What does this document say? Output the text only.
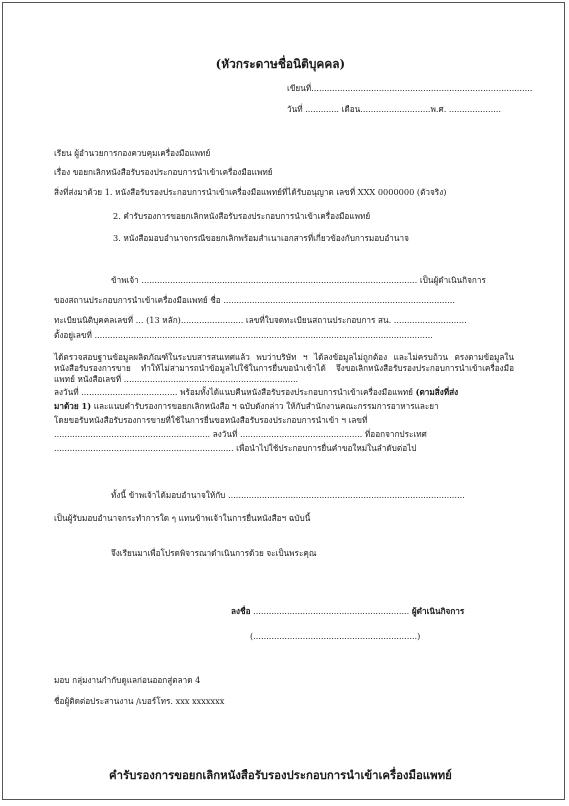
(หัวกระดาษชื่อนิติบุคคล)
เขียนที่.....................................................................................
วันที่ ............. เดือน...........................พ.ศ. ....................
เรียน ผู้อำนวยการกองควบคุมเครื่องมือแพทย์
เรื่อง ขอยกเลิกหนังสือรับรองประกอบการนำเข้าเครื่องมือแพทย์
สิ่งที่ส่งมาด้วย 1. หนังสือรับรองประกอบการนำเข้าเครื่องมือแพทย์ที่ได้รับอนุญาต เลขที่ XXX 0000000 (ตัวจริง)
2. คำรับรองการขอยกเลิกหนังสือรับรองประกอบการนำเข้าเครื่องมือแพทย์
3. หนังสือมอบอำนาจกรณีขอยกเลิกพร้อมสำเนาเอกสารที่เกี่ยวข้องกับการมอบอำนาจ
ข้าพเจ้า .......................................................................................................... เป็นผู้ดำเนินกิจการ
ของสถานประกอบการนำเข้าเครื่องมือแพทย์ ชื่อ .........................................................................................
ทะเบียนนิติบุคคลเลขที่ ... (13 หลัก)........................ เลขที่ใบจดทะเบียนสถานประกอบการ สน. ............................
ตั้งอยู่เลขที่ ..................................................................................................................................
ได้ตรวจสอบฐานข้อมูลผลิตภัณฑ์ในระบบสารสนเทศแล้ว พบว่าบริษัท ฯ ได้ลงข้อมูลไม่ถูกต้อง และไม่ครบถ้วน ตรงตามข้อมูลในหนังสือรับรองการขาย ทำให้ไม่สามารถนำข้อมูลไปใช้ในการยื่นขอนำเข้าได้ จึงขอเลิกหนังสือรับรองประกอบการนำเข้าเครื่องมือแพทย์ หนังสือเลขที่ ...................................................................
ลงวันที่ ..................................... พร้อมทั้งได้แนบคืนหนังสือรับรองประกอบการนำเข้าเครื่องมือแพทย์ (ตามสิ่งที่ส่ง
มาด้วย 1) และแนบคำรับรองการขอยกเลิกหนังสือ ฯ ฉบับดังกล่าว ให้กับสำนักงานคณะกรรมการอาหารและยา
โดยขอรับหนังสือรับรองการขายที่ใช้ในการยื่นขอหนังสือรับรองประกอบการนำเข้า ฯ เลขที่
............................................................ ลงวันที่ ............................................... ที่ออกจากประเทศ
..................................................................... เพื่อนำไปใช้ประกอบการยื่นคำขอใหม่ในลำดับต่อไป
ทั้งนี้ ข้าพเจ้าได้มอบอำนาจให้กับ ...........................................................................................
เป็นผู้รับมอบอำนาจกระทำการใด ๆ แทนข้าพเจ้าในการยื่นหนังสือฯ ฉบับนี้
จึงเรียนมาเพื่อโปรดพิจารณาดำเนินการด้วย จะเป็นพระคุณ
ลงชื่อ ............................................................ ผู้ดำเนินกิจการ
(...............................................................)
มอบ กลุ่มงานกำกับดูแลก่อนออกสู่ตลาด 4
ชื่อผู้ติดต่อประสานงาน /เบอร์โทร. xxx xxxxxxx
คำรับรองการขอยกเลิกหนังสือรับรองประกอบการนำเข้าเครื่องมือแพทย์
